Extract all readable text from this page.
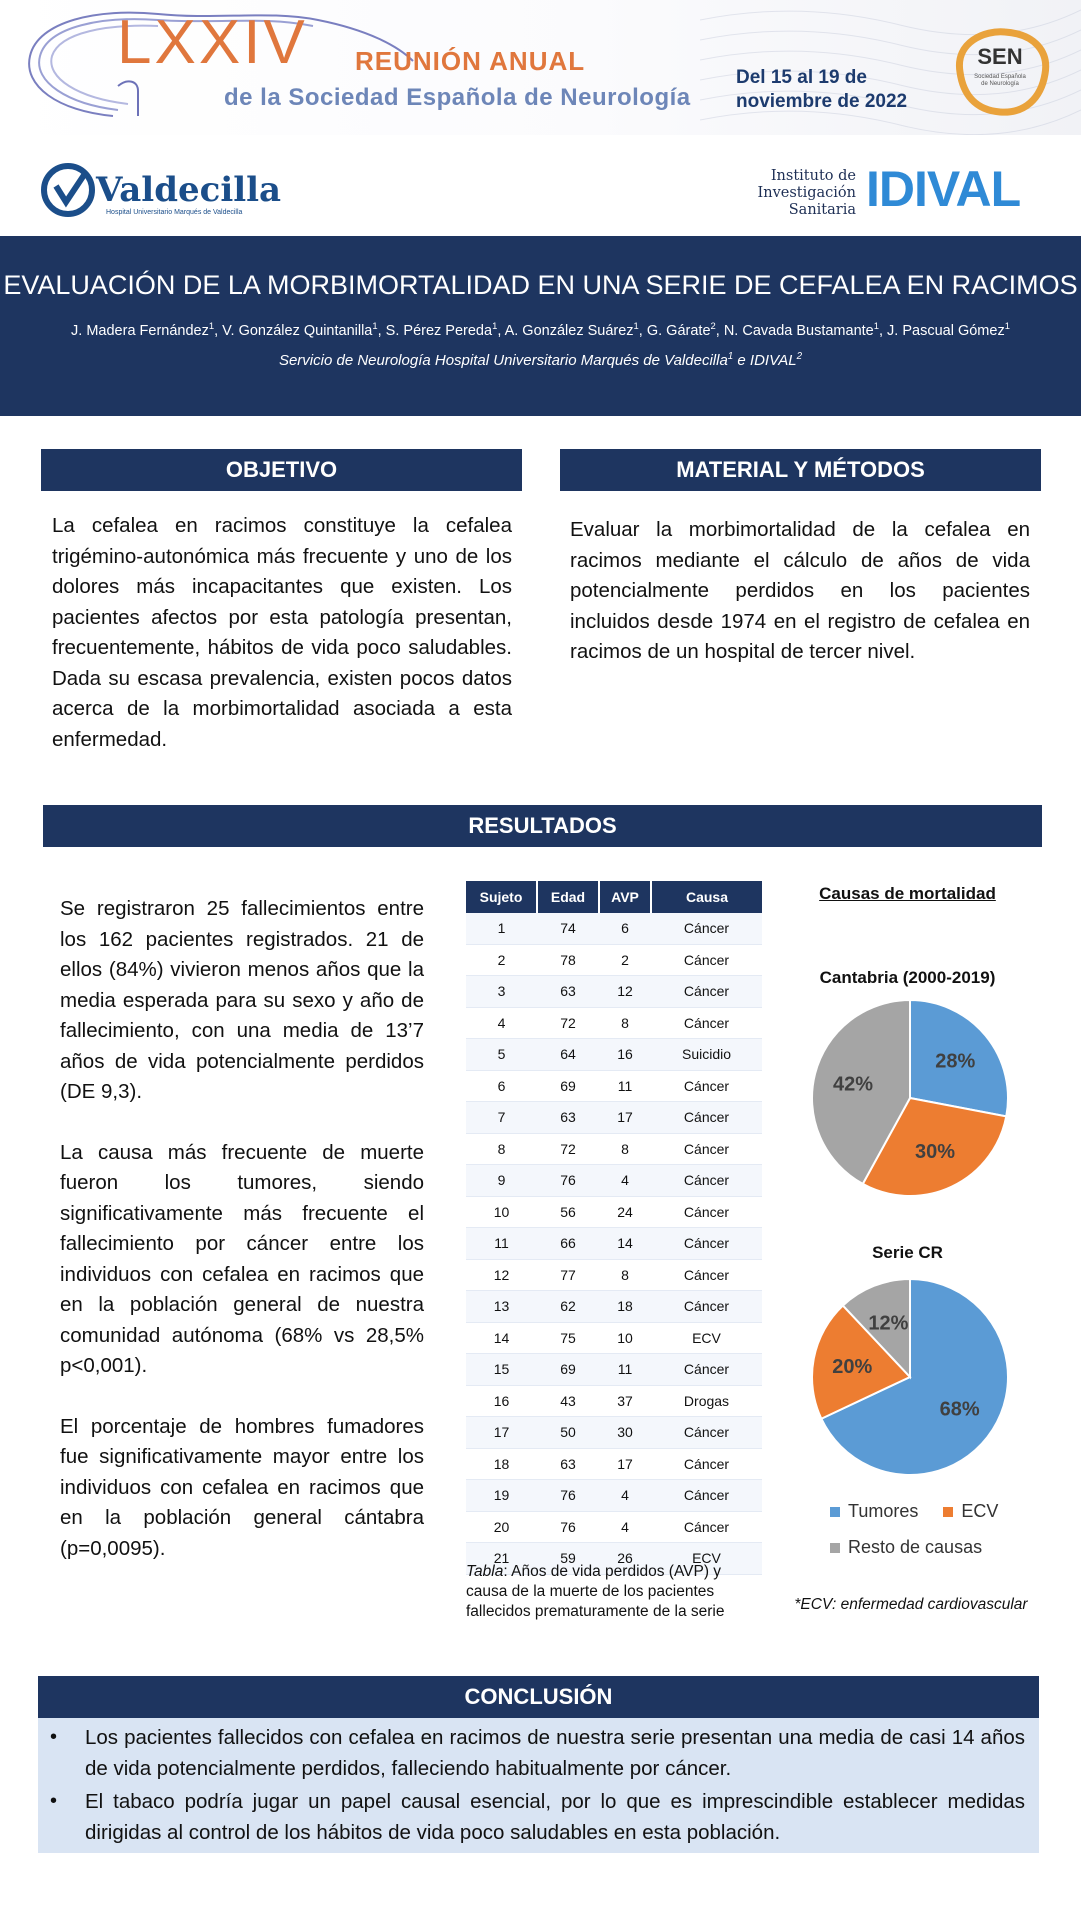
LXXIV REUNIÓN ANUAL
de la Sociedad Española de Neurología
Del 15 al 19 de
noviembre de 2022
SEN
Sociedad Española
de Neurología
Valdecilla
Hospital Universitario Marqués de Valdecilla
Instituto de
Investigación
Sanitaria IDIVAL
EVALUACIÓN DE LA MORBIMORTALIDAD EN UNA SERIE DE CEFALEA EN RACIMOS
J. Madera Fernández$^1$, V. González Quintanilla$^1$, S. Pérez Pereda$^1$, A. González Suárez$^1$, G. Gárate$^2$, N. Cavada Bustamante$^1$, J. Pascual Gómez$^1$
Servicio de Neurología Hospital Universitario Marqués de Valdecilla$^1$ e IDIVAL$^2$
OBJETIVO
La cefalea en racimos constituye la cefalea trigémino-autonómica más frecuente y uno de los dolores más incapacitantes que existen. Los pacientes afectos por esta patología presentan, frecuentemente, hábitos de vida poco saludables. Dada su escasa prevalencia, existen pocos datos acerca de la morbimortalidad asociada a esta enfermedad.
MATERIAL Y MÉTODOS
Evaluar la morbimortalidad de la cefalea en racimos mediante el cálculo de años de vida potencialmente perdidos en los pacientes incluidos desde 1974 en el registro de cefalea en racimos de un hospital de tercer nivel.
RESULTADOS

Se registraron 25 fallecimientos entre los 162 pacientes registrados. 21 de ellos (84%) vivieron menos años que la media esperada para su sexo y año de fallecimiento, con una media de 13’7 años de vida potencialmente perdidos (DE 9,3).

La causa más frecuente de muerte fueron los tumores, siendo significativamente más frecuente el fallecimiento por cáncer entre los individuos con cefalea en racimos que en la población general de nuestra comunidad autónoma (68% vs 28,5% p<0,001).

El porcentaje de hombres fumadores fue significativamente mayor entre los individuos con cefalea en racimos que en la población general cántabra (p=0,0095).

Sujeto	Edad	AVP	Causa
1	74	6	Cáncer
2	78	2	Cáncer
3	63	12	Cáncer
4	72	8	Cáncer
5	64	16	Suicidio
6	69	11	Cáncer
7	63	17	Cáncer
8	72	8	Cáncer
9	76	4	Cáncer
10	56	24	Cáncer
11	66	14	Cáncer
12	77	8	Cáncer
13	62	18	Cáncer
14	75	10	ECV
15	69	11	Cáncer
16	43	37	Drogas
17	50	30	Cáncer
18	63	17	Cáncer
19	76	4	Cáncer
20	76	4	Cáncer
21	59	26	ECV
Tabla: Años de vida perdidos (AVP) y causa de la muerte de los pacientes fallecidos prematuramente de la serie
Causas de mortalidad
Cantabria (2000-2019)
28%
30%
42%
Serie CR
68%
20%
12%
Tumores ECV
Resto de causas
*ECV: enfermedad cardiovascular
CONCLUSIÓN
• Los pacientes fallecidos con cefalea en racimos de nuestra serie presentan una media de casi 14 años de vida potencialmente perdidos, falleciendo habitualmente por cáncer.
• El tabaco podría jugar un papel causal esencial, por lo que es imprescindible establecer medidas dirigidas al control de los hábitos de vida poco saludables en esta población.
